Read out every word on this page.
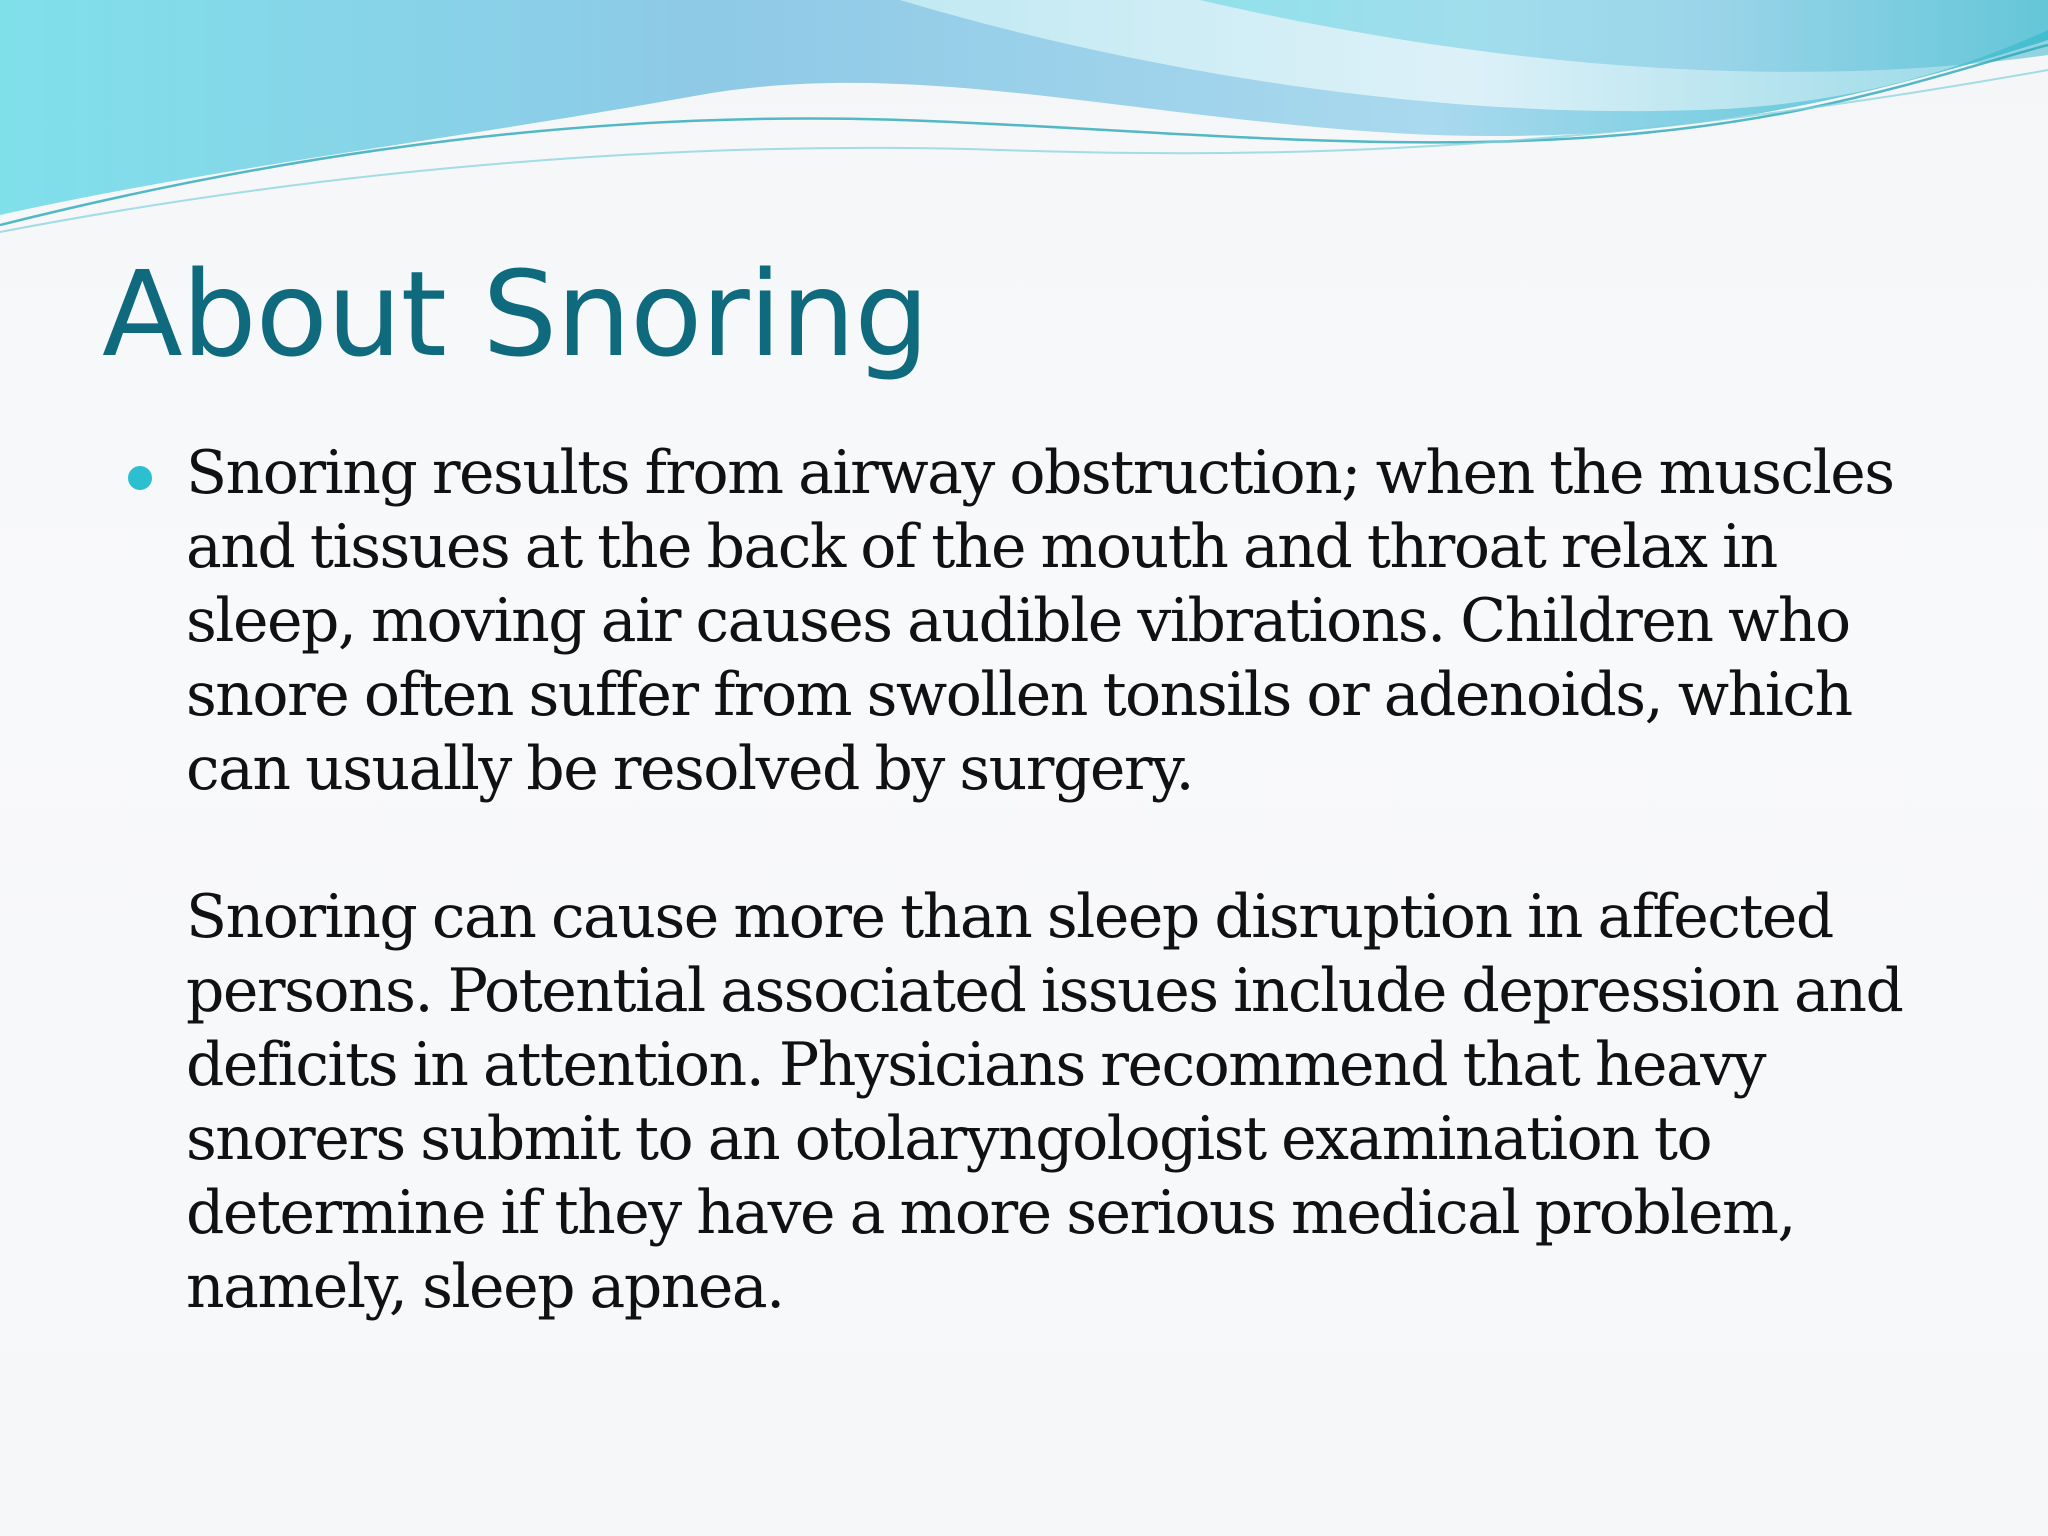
About Snoring

Snoring results from airway obstruction; when the muscles and tissues at the back of the mouth and throat relax in sleep, moving air causes audible vibrations. Children who snore often suffer from swollen tonsils or adenoids, which can usually be resolved by surgery.

Snoring can cause more than sleep disruption in affected persons. Potential associated issues include depression and deficits in attention. Physicians recommend that heavy snorers submit to an otolaryngologist examination to determine if they have a more serious medical problem, namely, sleep apnea.
